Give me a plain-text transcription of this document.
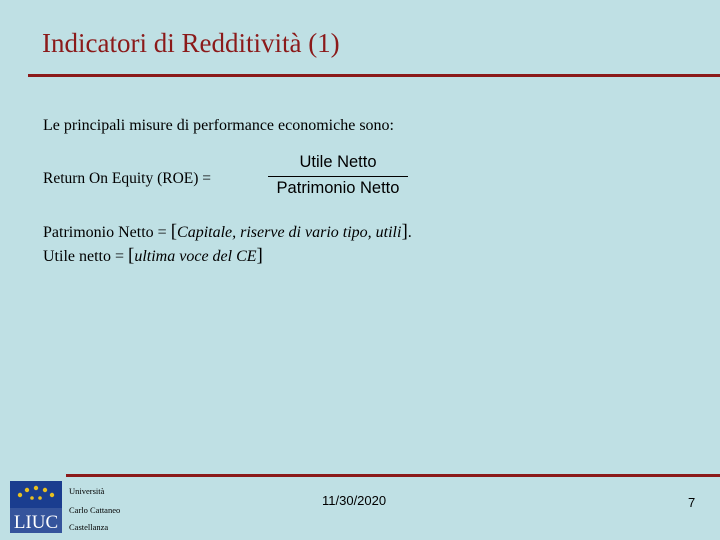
Indicatori di Redditività (1)
Le principali misure di performance economiche sono:
Return On Equity (ROE) =
Utile Netto
Patrimonio Netto
Patrimonio Netto = [Capitale, riserve di vario tipo, utili].
Utile netto = [ultima voce del CE]
LIUC
Università
Carlo Cattaneo
Castellanza
11/30/2020	7
